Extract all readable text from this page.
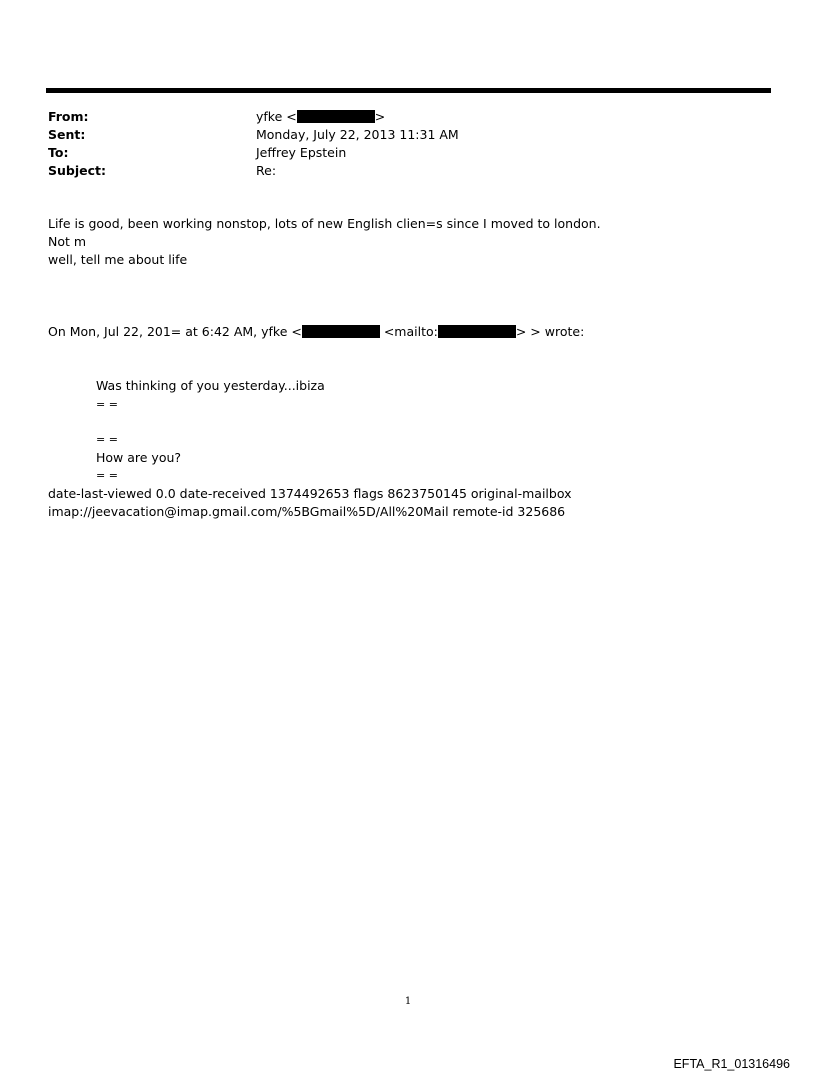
From:	yfke <	>
Sent:	Monday, July 22, 2013 11:31 AM
To:	Jeffrey Epstein
Subject:	Re:
Life is good, been working nonstop, lots of new English clien=s since I moved to london.
Not m
well, tell me about life
On Mon, Jul 22, 201= at 6:42 AM, yfke <	<mailto:	> > wrote:
Was thinking of you yesterday...ibiza
= =
= =
How are you?
= =
date-last-viewed 0.0 date-received 1374492653 flags 8623750145 original-mailbox
imap://jeevacation@imap.gmail.com/%5BGmail%5D/All%20Mail remote-id 325686
1
EFTA_R1_01316496
